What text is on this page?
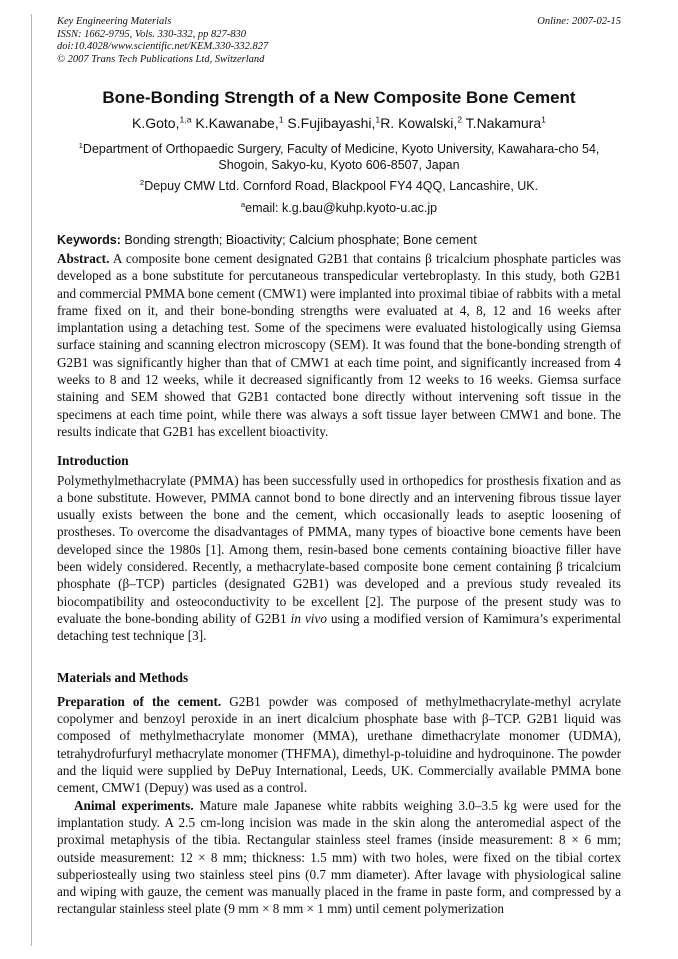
Key Engineering Materials
ISSN: 1662-9795, Vols. 330-332, pp 827-830
doi:10.4028/www.scientific.net/KEM.330-332.827
© 2007 Trans Tech Publications Ltd, Switzerland
Online: 2007-02-15
Bone-Bonding Strength of a New Composite Bone Cement
K.Goto,$^{1,a}$ K.Kawanabe,$^1$ S.Fujibayashi,$^1$R. Kowalski,$^2$ T.Nakamura$^1$
$^1$Department of Orthopaedic Surgery, Faculty of Medicine, Kyoto University, Kawahara-cho 54, Shogoin, Sakyo-ku, Kyoto 606-8507, Japan
$^2$Depuy CMW Ltd. Cornford Road, Blackpool FY4 4QQ, Lancashire, UK.
$^a$email: k.g.bau@kuhp.kyoto-u.ac.jp
Keywords: Bonding strength; Bioactivity; Calcium phosphate; Bone cement

Abstract. A composite bone cement designated G2B1 that contains β tricalcium phosphate particles was developed as a bone substitute for percutaneous transpedicular vertebroplasty. In this study, both G2B1 and commercial PMMA bone cement (CMW1) were implanted into proximal tibiae of rabbits with a metal frame fixed on it, and their bone-bonding strengths were evaluated at 4, 8, 12 and 16 weeks after implantation using a detaching test. Some of the specimens were evaluated histologically using Giemsa surface staining and scanning electron microscopy (SEM). It was found that the bone-bonding strength of G2B1 was significantly higher than that of CMW1 at each time point, and significantly increased from 4 weeks to 8 and 12 weeks, while it decreased significantly from 12 weeks to 16 weeks. Giemsa surface staining and SEM showed that G2B1 contacted bone directly without intervening soft tissue in the specimens at each time point, while there was always a soft tissue layer between CMW1 and bone. The results indicate that G2B1 has excellent bioactivity.

Introduction

Polymethylmethacrylate (PMMA) has been successfully used in orthopedics for prosthesis fixation and as a bone substitute. However, PMMA cannot bond to bone directly and an intervening fibrous tissue layer usually exists between the bone and the cement, which occasionally leads to aseptic loosening of prostheses. To overcome the disadvantages of PMMA, many types of bioactive bone cements have been developed since the 1980s [1]. Among them, resin-based bone cements containing bioactive filler have been widely considered. Recently, a methacrylate-based composite bone cement containing β tricalcium phosphate (β–TCP) particles (designated G2B1) was developed and a previous study revealed its biocompatibility and osteoconductivity to be excellent [2]. The purpose of the present study was to evaluate the bone-bonding ability of G2B1 in vivo using a modified version of Kamimura’s experimental detaching test technique [3].

Materials and Methods

Preparation of the cement. G2B1 powder was composed of methylmethacrylate-methyl acrylate copolymer and benzoyl peroxide in an inert dicalcium phosphate base with β–TCP. G2B1 liquid was composed of methylmethacrylate monomer (MMA), urethane dimethacrylate monomer (UDMA), tetrahydrofurfuryl methacrylate monomer (THFMA), dimethyl-p-toluidine and hydroquinone. The powder and the liquid were supplied by DePuy International, Leeds, UK. Commercially available PMMA bone cement, CMW1 (Depuy) was used as a control.

Animal experiments. Mature male Japanese white rabbits weighing 3.0–3.5 kg were used for the implantation study. A 2.5 cm-long incision was made in the skin along the anteromedial aspect of the proximal metaphysis of the tibia. Rectangular stainless steel frames (inside measurement: 8 × 6 mm; outside measurement: 12 × 8 mm; thickness: 1.5 mm) with two holes, were fixed on the tibial cortex subperiosteally using two stainless steel pins (0.7 mm diameter). After lavage with physiological saline and wiping with gauze, the cement was manually placed in the frame in paste form, and compressed by a rectangular stainless steel plate (9 mm × 8 mm × 1 mm) until cement polymerization
